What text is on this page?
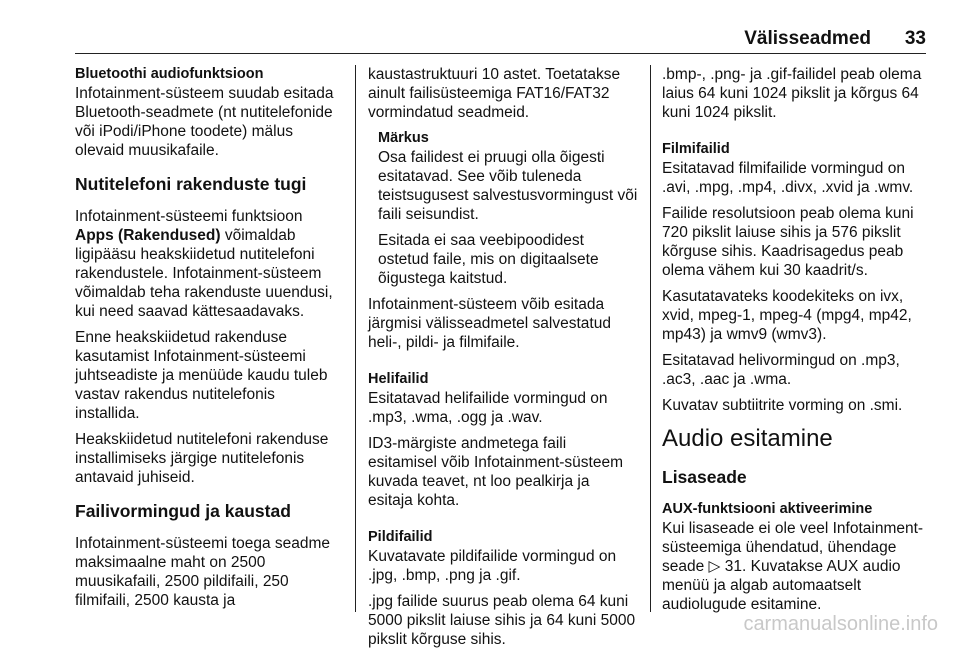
Välisseadmed 33
Bluetoothi audiofunktsioon

Infotainment-süsteem suudab esitada Bluetooth-seadmete (nt nutitelefonide või iPodi/iPhone toodete) mälus olevaid muusikafaile.

Nutitelefoni rakenduste tugi

Infotainment-süsteemi funktsioon
Apps (Rakendused) võimaldab ligipääsu heakskiidetud nutitelefoni rakendustele. Infotainment-süsteem võimaldab teha rakenduste uuendusi, kui need saavad kättesaadavaks.

Enne heakskiidetud rakenduse kasutamist Infotainment-süsteemi juhtseadiste ja menüüde kaudu tuleb vastav rakendus nutitelefonis installida.

Heakskiidetud nutitelefoni rakenduse installimiseks järgige nutitelefonis antavaid juhiseid.

Failivormingud ja kaustad

Infotainment-süsteemi toega seadme maksimaalne maht on 2500 muusikafaili, 2500 pildifaili, 250 filmifaili, 2500 kausta ja

kaustastruktuuri 10 astet. Toetatakse ainult failisüsteemiga FAT16/FAT32 vormindatud seadmeid.

Märkus

Osa failidest ei pruugi olla õigesti esitatavad. See võib tuleneda teistsugusest salvestusvormingust või faili seisundist.

Esitada ei saa veebipoodidest ostetud faile, mis on digitaalsete õigustega kaitstud.

Infotainment-süsteem võib esitada järgmisi välisseadmetel salvestatud heli-, pildi- ja filmifaile.

Helifailid

Esitatavad helifailide vormingud on .mp3, .wma, .ogg ja .wav.

ID3-märgiste andmetega faili esitamisel võib Infotainment-süsteem kuvada teavet, nt loo pealkirja ja esitaja kohta.

Pildifailid

Kuvatavate pildifailide vormingud on .jpg, .bmp, .png ja .gif.

.jpg failide suurus peab olema 64 kuni 5000 pikslit laiuse sihis ja 64 kuni 5000 pikslit kõrguse sihis.

.bmp-, .png- ja .gif-failidel peab olema laius 64 kuni 1024 pikslit ja kõrgus 64 kuni 1024 pikslit.

Filmifailid

Esitatavad filmifailide vormingud on .avi, .mpg, .mp4, .divx, .xvid ja .wmv.

Failide resolutsioon peab olema kuni 720 pikslit laiuse sihis ja 576 pikslit kõrguse sihis. Kaadrisagedus peab olema vähem kui 30 kaadrit/s.

Kasutatavateks koodekiteks on ivx, xvid, mpeg-1, mpeg-4 (mpg4, mp42, mp43) ja wmv9 (wmv3).

Esitatavad helivormingud on .mp3, .ac3, .aac ja .wma.

Kuvatav subtiitrite vorming on .smi.

Audio esitamine
Lisaseade
AUX-funktsiooni aktiveerimine

Kui lisaseade ei ole veel Infotainment-süsteemiga ühendatud, ühendage seade ▷ 31. Kuvatakse AUX audio menüü ja algab automaatselt audiolugude esitamine.

carmanualsonline.info
